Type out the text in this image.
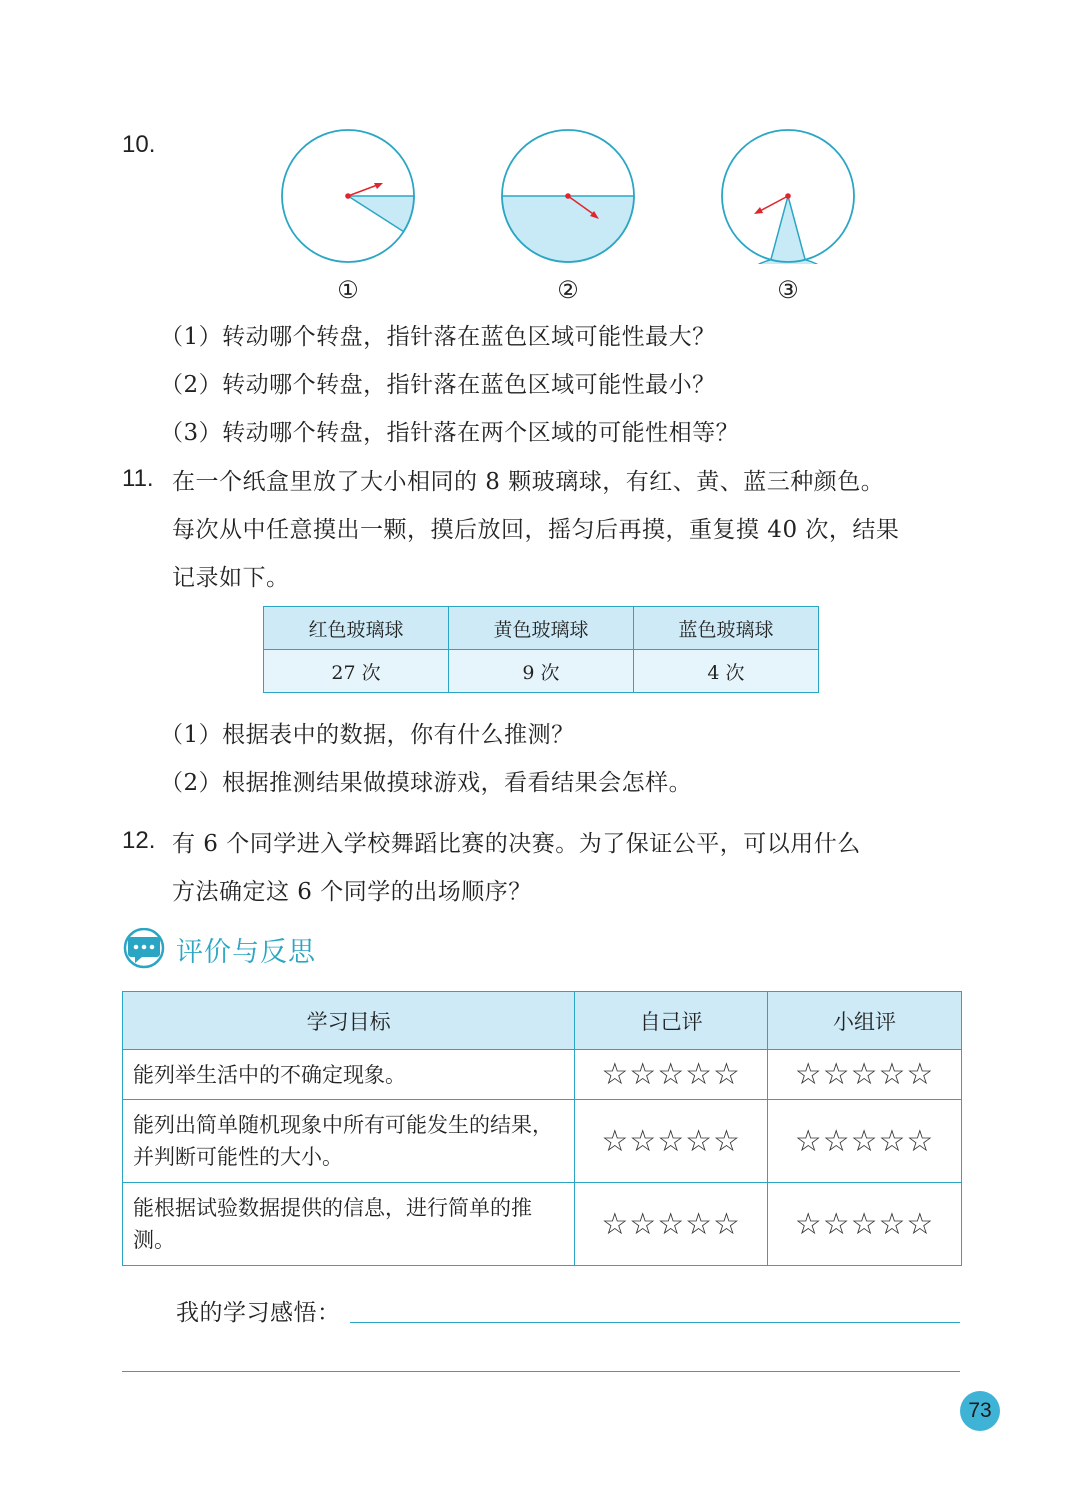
10.
①	②	③
（1）转动哪个转盘，指针落在蓝色区域可能性最大？
（2）转动哪个转盘，指针落在蓝色区域可能性最小？
（3）转动哪个转盘，指针落在两个区域的可能性相等？
11. 在一个纸盒里放了大小相同的 8 颗玻璃球，有红、黄、蓝三种颜色。
每次从中任意摸出一颗，摸后放回，摇匀后再摸，重复摸 40 次，结果
记录如下。
红色玻璃球	黄色玻璃球	蓝色玻璃球
27 次	9 次	4 次
（1）根据表中的数据，你有什么推测？
（2）根据推测结果做摸球游戏，看看结果会怎样。
12. 有 6 个同学进入学校舞蹈比赛的决赛。为了保证公平，可以用什么
方法确定这 6 个同学的出场顺序？
评价与反思
学习目标	自己评	小组评
能列举生活中的不确定现象。	☆☆☆☆☆	☆☆☆☆☆
能列出简单随机现象中所有可能发生的结果，并判断可能性的大小。	☆☆☆☆☆	☆☆☆☆☆
能根据试验数据提供的信息，进行简单的推测。	☆☆☆☆☆	☆☆☆☆☆
我的学习感悟：
73
